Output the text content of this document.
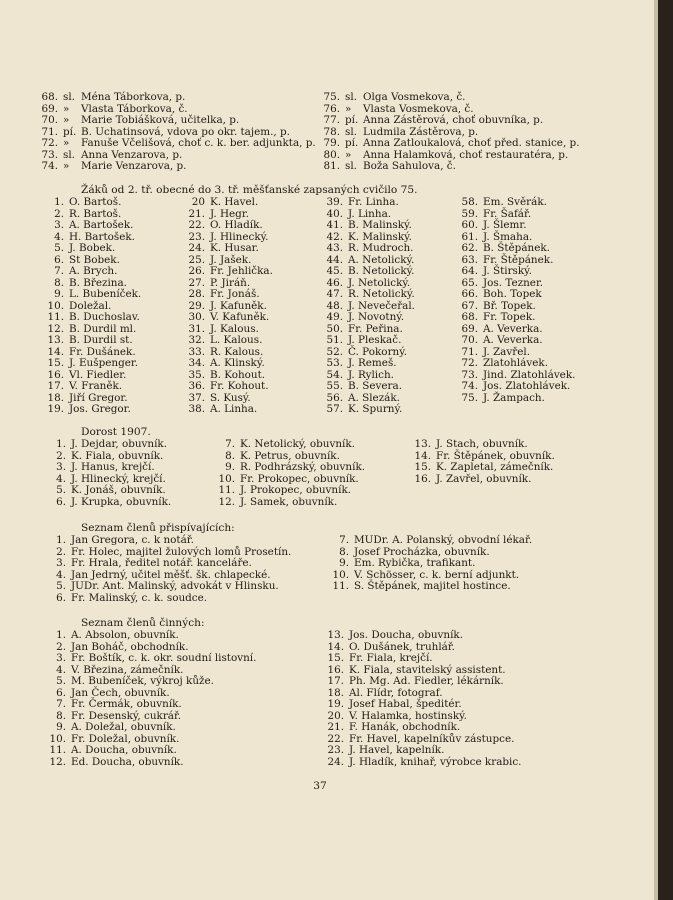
68. sl. Ména Táborkova, p.
69. » Vlasta Táborkova, č.
70. » Marie Tobiášková, učitelka, p.
71. pí. B. Uchatinsová, vdova po okr. tajem., p.
72. » Fanuše Včelišová, choť c. k. ber. adjunkta, p.
73. sl. Anna Venzarova, p.
74. » Marie Venzarova, p.
75. sl. Olga Vosmekova, č.
76. » Vlasta Vosmekova, č.
77. pí. Anna Zástěrová, choť obuvníka, p.
78. sl. Ludmila Zástěrova, p.
79. pí. Anna Zatloukalová, choť před. stanice, p.
80. » Anna Halamková, choť restauratéra, p.
81. sl. Boža Sahulova, č.
Žáků od 2. tř. obecné do 3. tř. měšťanské zapsaných cvičilo 75.
1. O. Bartoš.
2. R. Bartoš.
3. A. Bartošek.
4. H. Bartošek.
5. J. Bobek.
6. St Bobek.
7. A. Brych.
8. B. Březina.
9. L. Bubeníček.
10. Doležal.
11. B. Duchoslav.
12. B. Durdil ml.
13. B. Durdil st.
14. Fr. Dušánek.
15. J. Eušpenger.
16. Vl. Fiedler.
17. V. Franěk.
18. Jiří Gregor.
19. Jos. Gregor.
20 K. Havel.
21. J. Hegr.
22. O. Hladík.
23. J. Hlinecký.
24. K. Husar.
25. J. Jašek.
26. Fr. Jehlička.
27. P. Jiráň.
28. Fr. Jonáš.
29. J. Kafuněk.
30. V. Kafuněk.
31. J. Kalous.
32. L. Kalous.
33. R. Kalous.
34. A. Klinský.
35. B. Kohout.
36. Fr. Kohout.
37. S. Kusý.
38. A. Linha.
39. Fr. Linha.
40. J. Linha.
41. B. Malinský.
42. K. Malinský.
43. R. Mudroch.
44. A. Netolický.
45. B. Netolický.
46. J. Netolický.
47. R. Netolický.
48. J. Nevečeřal.
49. J. Novotný.
50. Fr. Peřina.
51. J. Pleskač.
52. Č. Pokorný.
53. J. Remeš.
54. J. Rylich.
55. B. Severa.
56. A. Slezák.
57. K. Spurný.
58. Em. Svěrák.
59. Fr. Šafář.
60. J. Šlemr.
61. J. Šmaha.
62. B. Štěpánek.
63. Fr. Štěpánek.
64. J. Štirský.
65. Jos. Tezner.
66. Boh. Topek
67. Bř. Topek.
68. Fr. Topek.
69. A. Veverka.
70. A. Veverka.
71. J. Zavřel.
72. Zlatohlávek.
73. Jind. Zlatohlávek.
74. Jos. Zlatohlávek.
75. J. Žampach.
Dorost 1907.
1. J. Dejdar, obuvník.
2. K. Fiala, obuvník.
3. J. Hanus, krejčí.
4. J. Hlinecký, krejčí.
5. K. Jonáš, obuvník.
6. J. Krupka, obuvník.
7. K. Netolický, obuvník.
8. K. Petrus, obuvník.
9. R. Podhrázský, obuvník.
10. Fr. Prokopec, obuvník.
11. J. Prokopec, obuvník.
12. J. Samek, obuvník.
13. J. Stach, obuvník.
14. Fr. Štěpánek, obuvník.
15. K. Zapletal, zámečník.
16. J. Zavřel, obuvník.
Seznam členů přispívajících:
1. Jan Gregora, c. k notář.
2. Fr. Holec, majitel žulových lomů Prosetín.
3. Fr. Hrala, ředitel notář. kanceláře.
4. Jan Jedrný, učitel měšť. šk. chlapecké.
5. JUDr. Ant. Malinský, advokát v Hlinsku.
6. Fr. Malinský, c. k. soudce.
7. MUDr. A. Polanský, obvodní lékař.
8. Josef Procházka, obuvník.
9. Em. Rybička, trafikant.
10. V. Schösser, c. k. berní adjunkt.
11. S. Štěpánek, majitel hostince.
Seznam členů činných:
1. A. Absolon, obuvník.
2. Jan Boháč, obchodník.
3. Fr. Boštík, c. k. okr. soudní listovní.
4. V. Březina, zámečník.
5. M. Bubeníček, výkroj kůže.
6. Jan Čech, obuvník.
7. Fr. Čermák, obuvník.
8. Fr. Desenský, cukrář.
9. A. Doležal, obuvník.
10. Fr. Doležal, obuvník.
11. A. Doucha, obuvník.
12. Ed. Doucha, obuvník.
13. Jos. Doucha, obuvník.
14. O. Dušánek, truhlář.
15. Fr. Fiala, krejčí.
16. K. Fiala, stavitelský assistent.
17. Ph. Mg. Ad. Fiedler, lékárník.
18. Al. Flídr, fotograf.
19. Josef Habal, špeditér.
20. V. Halamka, hostinský.
21. F. Hanák, obchodník.
22. Fr. Havel, kapelníkův zástupce.
23. J. Havel, kapelník.
24. J. Hladík, knihař, výrobce krabic.
37
